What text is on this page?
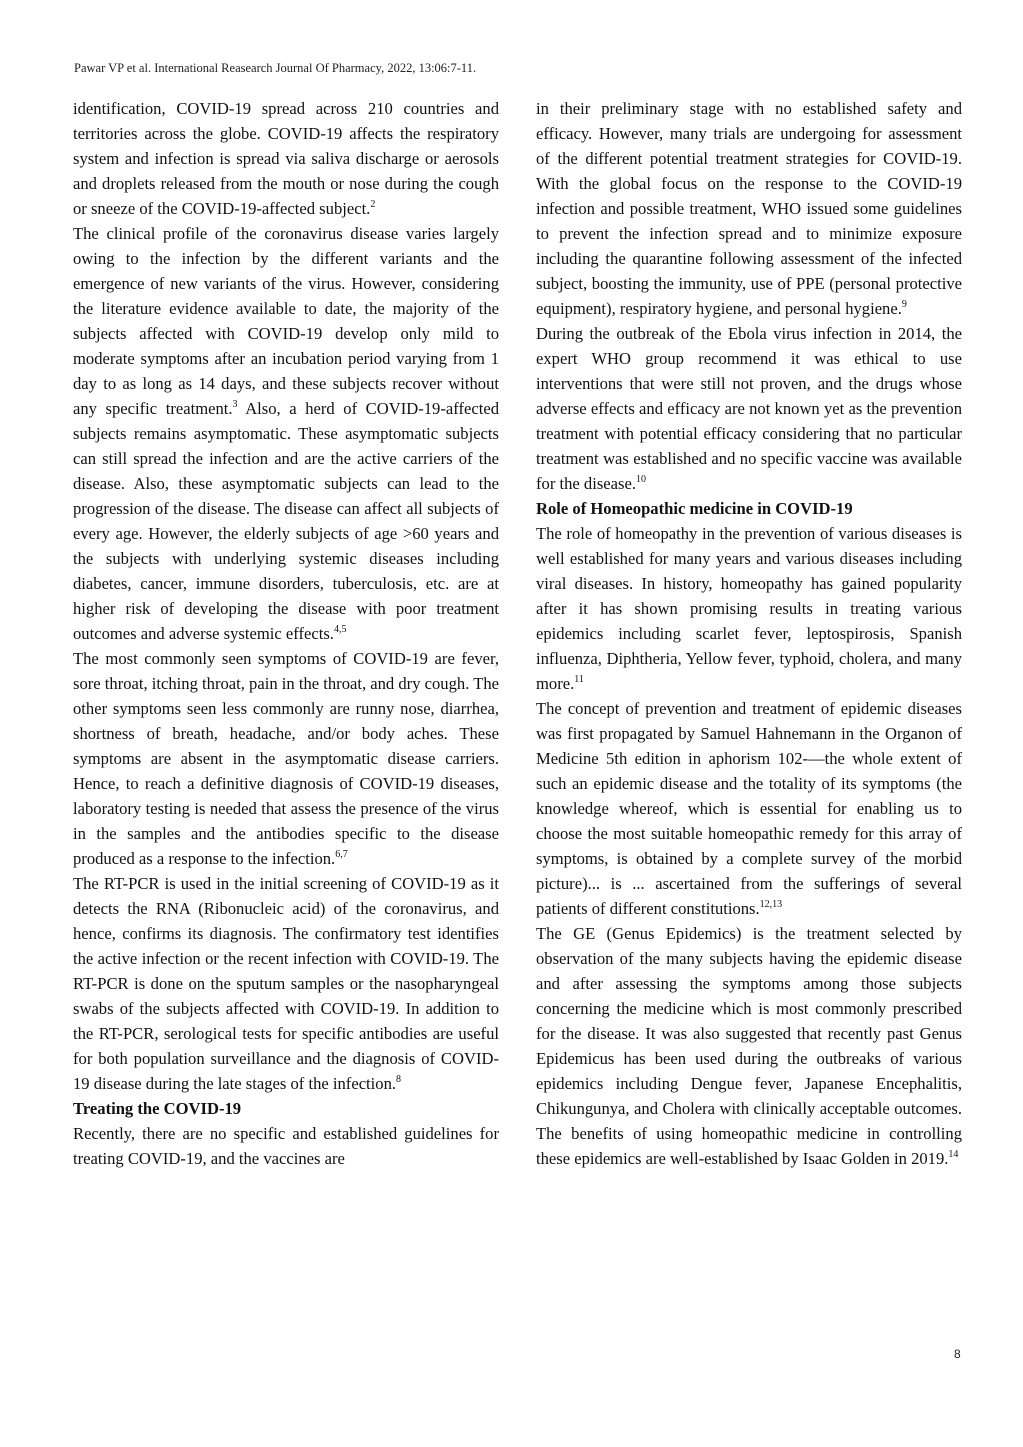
Pawar VP et al. International Reasearch Journal Of Pharmacy, 2022, 13:06:7-11.

identification, COVID-19 spread across 210 countries and territories across the globe. COVID-19 affects the respiratory system and infection is spread via saliva discharge or aerosols and droplets released from the mouth or nose during the cough or sneeze of the COVID-19-affected subject.$^2$

The clinical profile of the coronavirus disease varies largely owing to the infection by the different variants and the emergence of new variants of the virus. However, considering the literature evidence available to date, the majority of the subjects affected with COVID-19 develop only mild to moderate symptoms after an incubation period varying from 1 day to as long as 14 days, and these subjects recover without any specific treatment.$^3$ Also, a herd of COVID-19-affected subjects remains asymptomatic. These asymptomatic subjects can still spread the infection and are the active carriers of the disease. Also, these asymptomatic subjects can lead to the progression of the disease. The disease can affect all subjects of every age. However, the elderly subjects of age >60 years and the subjects with underlying systemic diseases including diabetes, cancer, immune disorders, tuberculosis, etc. are at higher risk of developing the disease with poor treatment outcomes and adverse systemic effects.$^{4,5}$

The most commonly seen symptoms of COVID-19 are fever, sore throat, itching throat, pain in the throat, and dry cough. The other symptoms seen less commonly are runny nose, diarrhea, shortness of breath, headache, and/or body aches. These symptoms are absent in the asymptomatic disease carriers. Hence, to reach a definitive diagnosis of COVID-19 diseases, laboratory testing is needed that assess the presence of the virus in the samples and the antibodies specific to the disease produced as a response to the infection.$^{6,7}$

The RT-PCR is used in the initial screening of COVID-19 as it detects the RNA (Ribonucleic acid) of the coronavirus, and hence, confirms its diagnosis. The confirmatory test identifies the active infection or the recent infection with COVID-19. The RT-PCR is done on the sputum samples or the nasopharyngeal swabs of the subjects affected with COVID-19. In addition to the RT-PCR, serological tests for specific antibodies are useful for both population surveillance and the diagnosis of COVID-19 disease during the late stages of the infection.$^8$

Treating the COVID-19

Recently, there are no specific and established guidelines for treating COVID-19, and the vaccines are

in their preliminary stage with no established safety and efficacy. However, many trials are undergoing for assessment of the different potential treatment strategies for COVID-19. With the global focus on the response to the COVID-19 infection and possible treatment, WHO issued some guidelines to prevent the infection spread and to minimize exposure including the quarantine following assessment of the infected subject, boosting the immunity, use of PPE (personal protective equipment), respiratory hygiene, and personal hygiene.$^9$

During the outbreak of the Ebola virus infection in 2014, the expert WHO group recommend it was ethical to use interventions that were still not proven, and the drugs whose adverse effects and efficacy are not known yet as the prevention treatment with potential efficacy considering that no particular treatment was established and no specific vaccine was available for the disease.$^{10}$

Role of Homeopathic medicine in COVID-19

The role of homeopathy in the prevention of various diseases is well established for many years and various diseases including viral diseases. In history, homeopathy has gained popularity after it has shown promising results in treating various epidemics including scarlet fever, leptospirosis, Spanish influenza, Diphtheria, Yellow fever, typhoid, cholera, and many more.$^{11}$

The concept of prevention and treatment of epidemic diseases was first propagated by Samuel Hahnemann in the Organon of Medicine 5th edition in aphorism 102-―the whole extent of such an epidemic disease and the totality of its symptoms (the knowledge whereof, which is essential for enabling us to choose the most suitable homeopathic remedy for this array of symptoms, is obtained by a complete survey of the morbid picture)... is ... ascertained from the sufferings of several patients of different constitutions.$^{12,13}$

The GE (Genus Epidemics) is the treatment selected by observation of the many subjects having the epidemic disease and after assessing the symptoms among those subjects concerning the medicine which is most commonly prescribed for the disease. It was also suggested that recently past Genus Epidemicus has been used during the outbreaks of various epidemics including Dengue fever, Japanese Encephalitis, Chikungunya, and Cholera with clinically acceptable outcomes. The benefits of using homeopathic medicine in controlling these epidemics are well-established by Isaac Golden in 2019.14

8
